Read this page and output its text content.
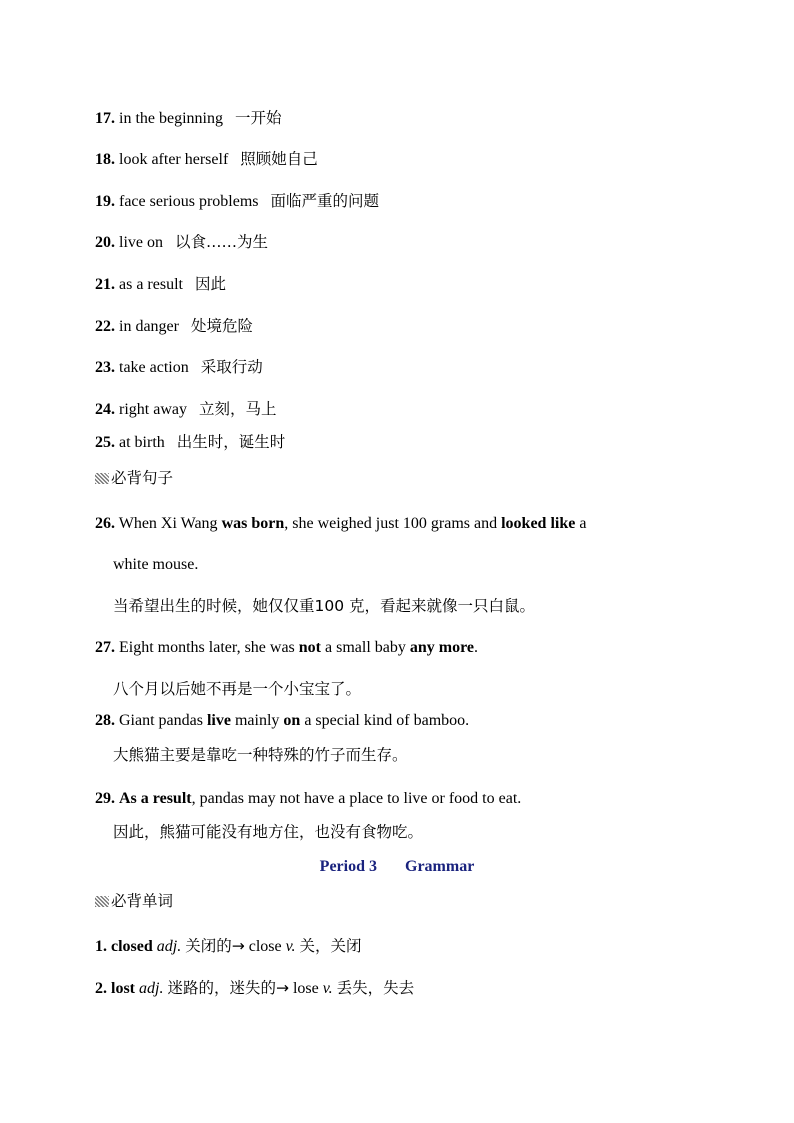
17. in the beginning 一开始
18. look after herself 照顾她自己
19. face serious problems 面临严重的问题
20. live on 以食……为生
21. as a result 因此
22. in danger 处境危险
23. take action 采取行动
24. right away 立刻，马上
25. at birth 出生时，诞生时
必背句子
26. When Xi Wang was born, she weighed just 100 grams and looked like a
white mouse.
当希望出生的时候，她仅仅重100 克，看起来就像一只白鼠。
27. Eight months later, she was not a small baby any more.
八个月以后她不再是一个小宝宝了。
28. Giant pandas live mainly on a special kind of bamboo.
大熊猫主要是靠吃一种特殊的竹子而生存。
29. As a result, pandas may not have a place to live or food to eat.
因此，熊猫可能没有地方住，也没有食物吃。
Period 3 Grammar
必背单词
1. closed adj. 关闭的→ close v. 关，关闭
2. lost adj. 迷路的，迷失的→ lose v. 丢失，失去
